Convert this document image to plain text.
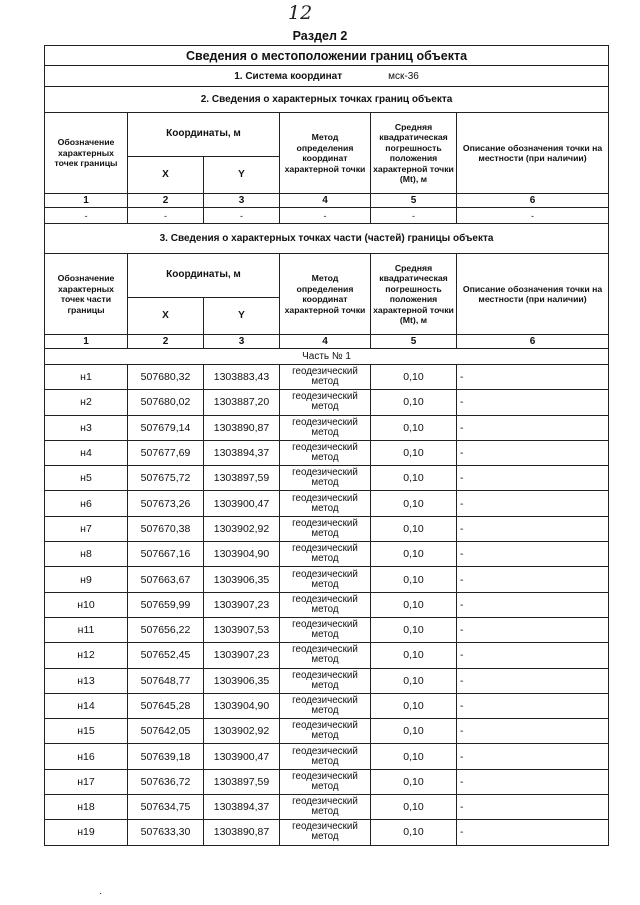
12
Раздел 2
Сведения о местоположении границ объекта					
1. Система координат мск-36					
2. Сведения о характерных точках границ объекта					
Обозначение характерных точек границы	Координаты, м		Метод определения координат характерной точки	Средняя квадратическая погрешность положения характерной точки (Mt), м	Описание обозначения точки на местности (при наличии)
	X	Y			
1	2	3	4	5	6
-	-	-	-	-	-
3. Сведения о характерных точках части (частей) границы объекта					
Обозначение характерных точек части границы	Координаты, м		Метод определения координат характерной точки	Средняя квадратическая погрешность положения характерной точки (Mt), м	Описание обозначения точки на местности (при наличии)
	X	Y			
1	2	3	4	5	6
Часть № 1					
н1	507680,32	1303883,43	геодезический метод	0,10	-
н2	507680,02	1303887,20	геодезический метод	0,10	-
н3	507679,14	1303890,87	геодезический метод	0,10	-
н4	507677,69	1303894,37	геодезический метод	0,10	-
н5	507675,72	1303897,59	геодезический метод	0,10	-
н6	507673,26	1303900,47	геодезический метод	0,10	-
н7	507670,38	1303902,92	геодезический метод	0,10	-
н8	507667,16	1303904,90	геодезический метод	0,10	-
н9	507663,67	1303906,35	геодезический метод	0,10	-
н10	507659,99	1303907,23	геодезический метод	0,10	-
н11	507656,22	1303907,53	геодезический метод	0,10	-
н12	507652,45	1303907,23	геодезический метод	0,10	-
н13	507648,77	1303906,35	геодезический метод	0,10	-
н14	507645,28	1303904,90	геодезический метод	0,10	-
н15	507642,05	1303902,92	геодезический метод	0,10	-
н16	507639,18	1303900,47	геодезический метод	0,10	-
н17	507636,72	1303897,59	геодезический метод	0,10	-
н18	507634,75	1303894,37	геодезический метод	0,10	-
н19	507633,30	1303890,87	геодезический метод	0,10	-
·
